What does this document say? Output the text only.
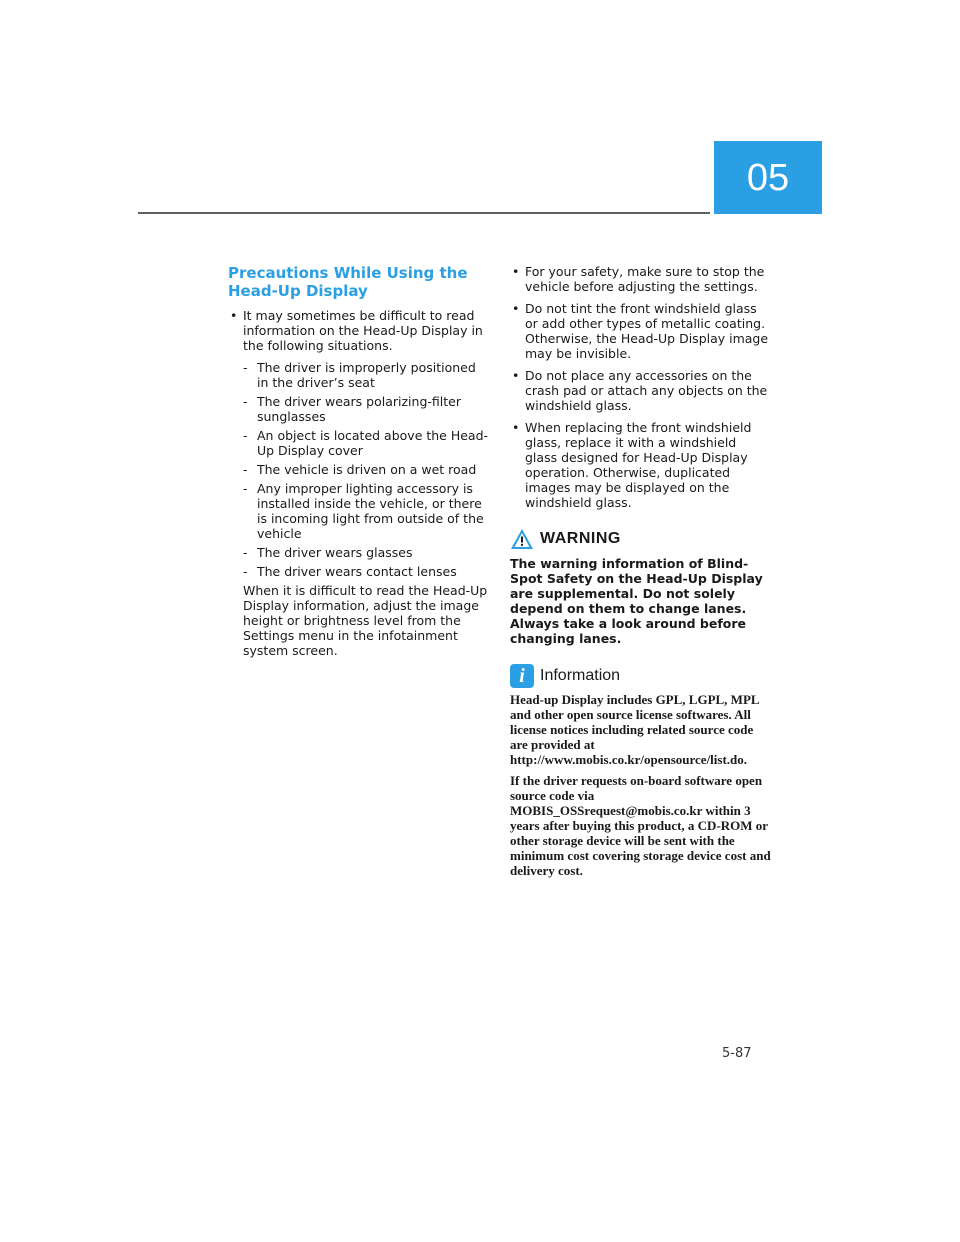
05
Precautions While Using the
Head-Up Display
• It may sometimes be difficult to read information on the Head-Up Display in the following situations.
- The driver is improperly positioned in the driver’s seat
- The driver wears polarizing-filter sunglasses
- An object is located above the Head-Up Display cover
- The vehicle is driven on a wet road
- Any improper lighting accessory is installed inside the vehicle, or there is incoming light from outside of the vehicle
- The driver wears glasses
- The driver wears contact lenses
When it is difficult to read the Head-Up Display information, adjust the image height or brightness level from the Settings menu in the infotainment system screen.
• For your safety, make sure to stop the vehicle before adjusting the settings.
• Do not tint the front windshield glass or add other types of metallic coating. Otherwise, the Head-Up Display image may be invisible.
• Do not place any accessories on the crash pad or attach any objects on the windshield glass.
• When replacing the front windshield glass, replace it with a windshield glass designed for Head-Up Display operation. Otherwise, duplicated images may be displayed on the windshield glass.
WARNING
The warning information of Blind-Spot Safety on the Head-Up Display are supplemental. Do not solely depend on them to change lanes. Always take a look around before changing lanes.
i Information

Head-up Display includes GPL, LGPL, MPL and other open source license softwares. All license notices including related source code are provided at http://www.mobis.co.kr/opensource/list.do.

If the driver requests on-board software open source code via MOBIS_OSSrequest@mobis.co.kr within 3 years after buying this product, a CD-ROM or other storage device will be sent with the minimum cost covering storage device cost and delivery cost.

5-87
